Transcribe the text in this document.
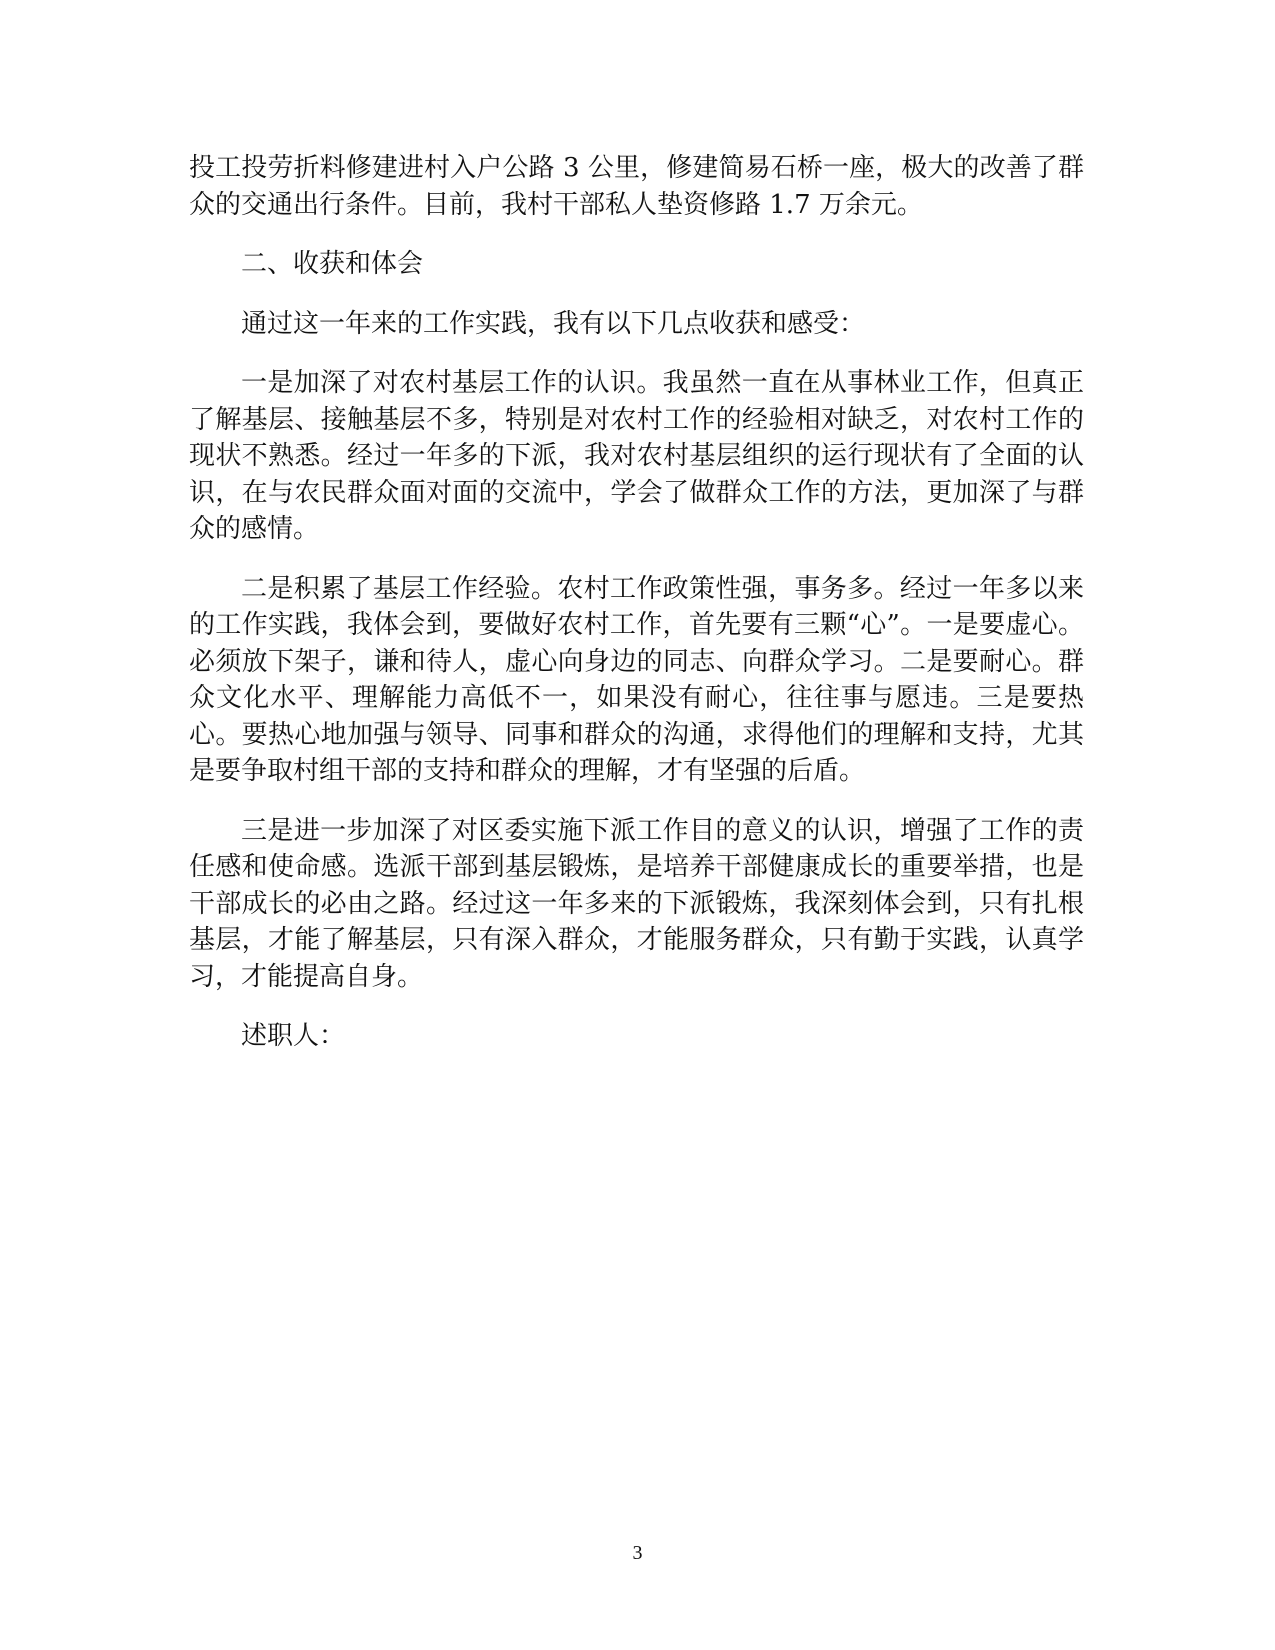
投工投劳折料修建进村入户公路 3 公里，修建简易石桥一座，极大的改善了群众的交通出行条件。目前，我村干部私人垫资修路 1.7 万余元。

二、收获和体会

通过这一年来的工作实践，我有以下几点收获和感受：

一是加深了对农村基层工作的认识。我虽然一直在从事林业工作，但真正了解基层、接触基层不多，特别是对农村工作的经验相对缺乏，对农村工作的现状不熟悉。经过一年多的下派，我对农村基层组织的运行现状有了全面的认识，在与农民群众面对面的交流中，学会了做群众工作的方法，更加深了与群众的感情。

二是积累了基层工作经验。农村工作政策性强，事务多。经过一年多以来的工作实践，我体会到，要做好农村工作，首先要有三颗“心”。一是要虚心。必须放下架子，谦和待人，虚心向身边的同志、向群众学习。二是要耐心。群众文化水平、理解能力高低不一，如果没有耐心，往往事与愿违。三是要热心。要热心地加强与领导、同事和群众的沟通，求得他们的理解和支持，尤其是要争取村组干部的支持和群众的理解，才有坚强的后盾。

三是进一步加深了对区委实施下派工作目的意义的认识，增强了工作的责任感和使命感。选派干部到基层锻炼，是培养干部健康成长的重要举措，也是干部成长的必由之路。经过这一年多来的下派锻炼，我深刻体会到，只有扎根基层，才能了解基层，只有深入群众，才能服务群众，只有勤于实践，认真学习，才能提高自身。

述职人：

3
